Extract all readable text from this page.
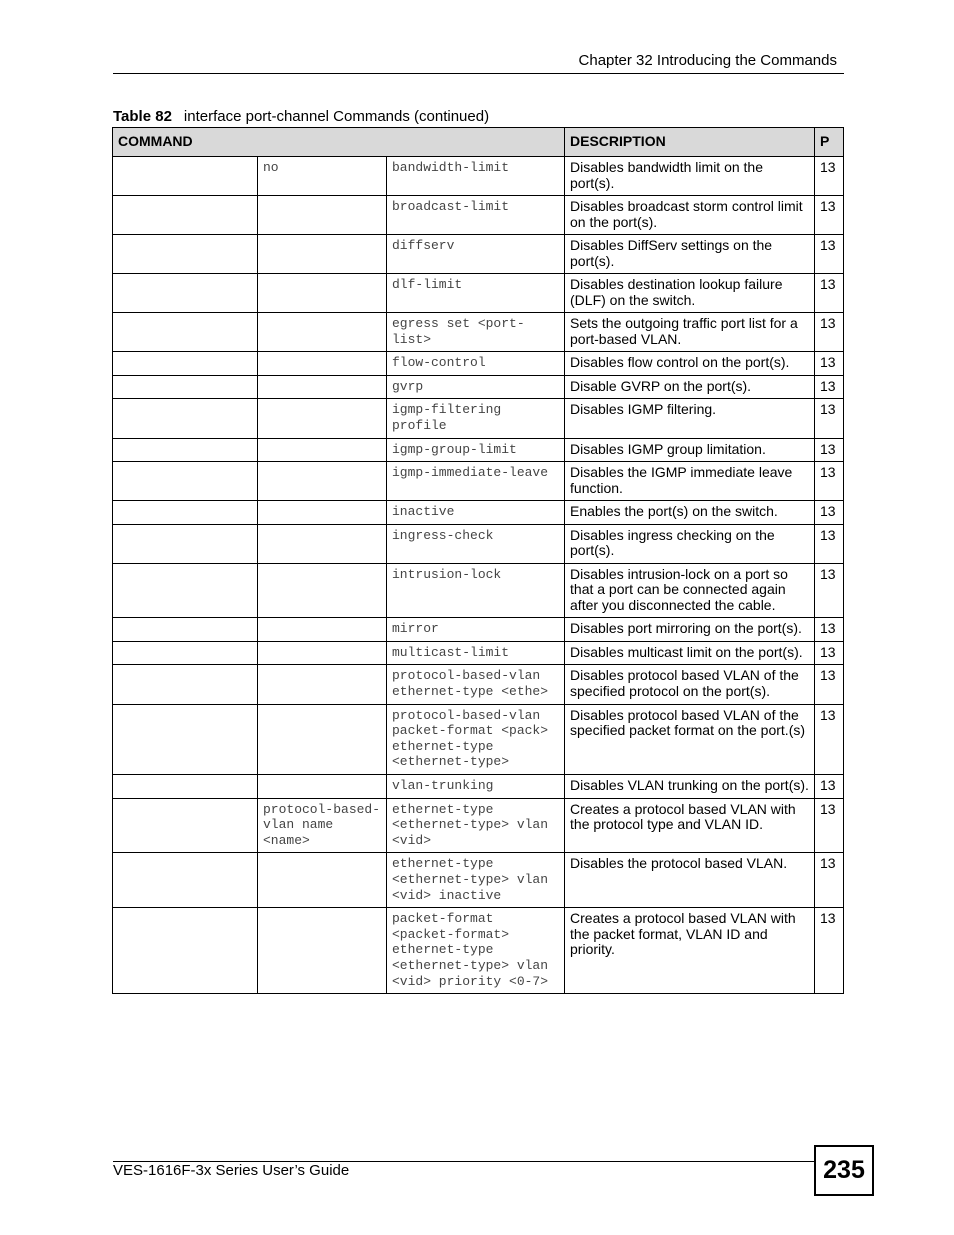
Chapter 32 Introducing the Commands
Table 82 interface port-channel Commands (continued)
COMMAND			DESCRIPTION	P
	no	bandwidth-limit	Disables bandwidth limit on the port(s).	13
		broadcast-limit	Disables broadcast storm control limit on the port(s).	13
		diffserv	Disables DiffServ settings on the port(s).	13
		dlf-limit	Disables destination lookup failure (DLF) on the switch.	13
		egress set <port-list>	Sets the outgoing traffic port list for a port-based VLAN.	13
		flow-control	Disables flow control on the port(s).	13
		gvrp	Disable GVRP on the port(s).	13
		igmp-filtering profile	Disables IGMP filtering.	13
		igmp-group-limit	Disables IGMP group limitation.	13
		igmp-immediate-leave	Disables the IGMP immediate leave function.	13
		inactive	Enables the port(s) on the switch.	13
		ingress-check	Disables ingress checking on the port(s).	13
		intrusion-lock	Disables intrusion-lock on a port so that a port can be connected again after you disconnected the cable.	13
		mirror	Disables port mirroring on the port(s).	13
		multicast-limit	Disables multicast limit on the port(s).	13
		protocol-based-vlan ethernet-type <ethe>	Disables protocol based VLAN of the specified protocol on the port(s).	13
		protocol-based-vlan packet-format <pack> ethernet-type <ethernet-type>	Disables protocol based VLAN of the specified packet format on the port.(s)	13
		vlan-trunking	Disables VLAN trunking on the port(s).	13
	protocol-based-vlan name <name>	ethernet-type <ethernet-type> vlan <vid>	Creates a protocol based VLAN with the protocol type and VLAN ID.	13
		ethernet-type <ethernet-type> vlan <vid> inactive	Disables the protocol based VLAN.	13
		packet-format <packet-format> ethernet-type <ethernet-type> vlan <vid> priority <0-7>	Creates a protocol based VLAN with the packet format, VLAN ID and priority.	13
VES-1616F-3x Series User’s Guide	235
